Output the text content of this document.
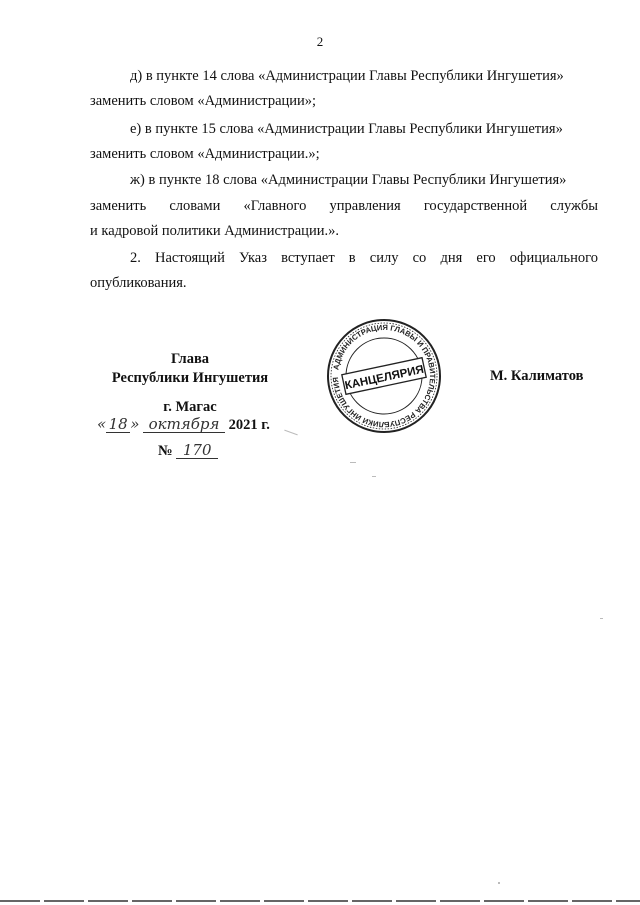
2
д) в пункте 14 слова «Администрации Главы Республики Ингушетия»
заменить словом «Администрации»;
е) в пункте 15 слова «Администрации Главы Республики Ингушетия»
заменить словом «Администрации.»;
ж) в пункте 18 слова «Администрации Главы Республики Ингушетия»
заменить словами «Главного управления государственной службы
и кадровой политики Администрации.».
2. Настоящий Указ вступает в силу со дня его официального
опубликования.
Глава
Республики Ингушетия
г. Магас
« 18 » октября 2021 г.
№ 170
АДМИНИСТРАЦИЯ ГЛАВЫ И ПРАВИТЕЛЬСТВА РЕСПУБЛИКИ ИНГУШЕТИЯ КАНЦЕЛЯРИЯ	М. Калиматов
